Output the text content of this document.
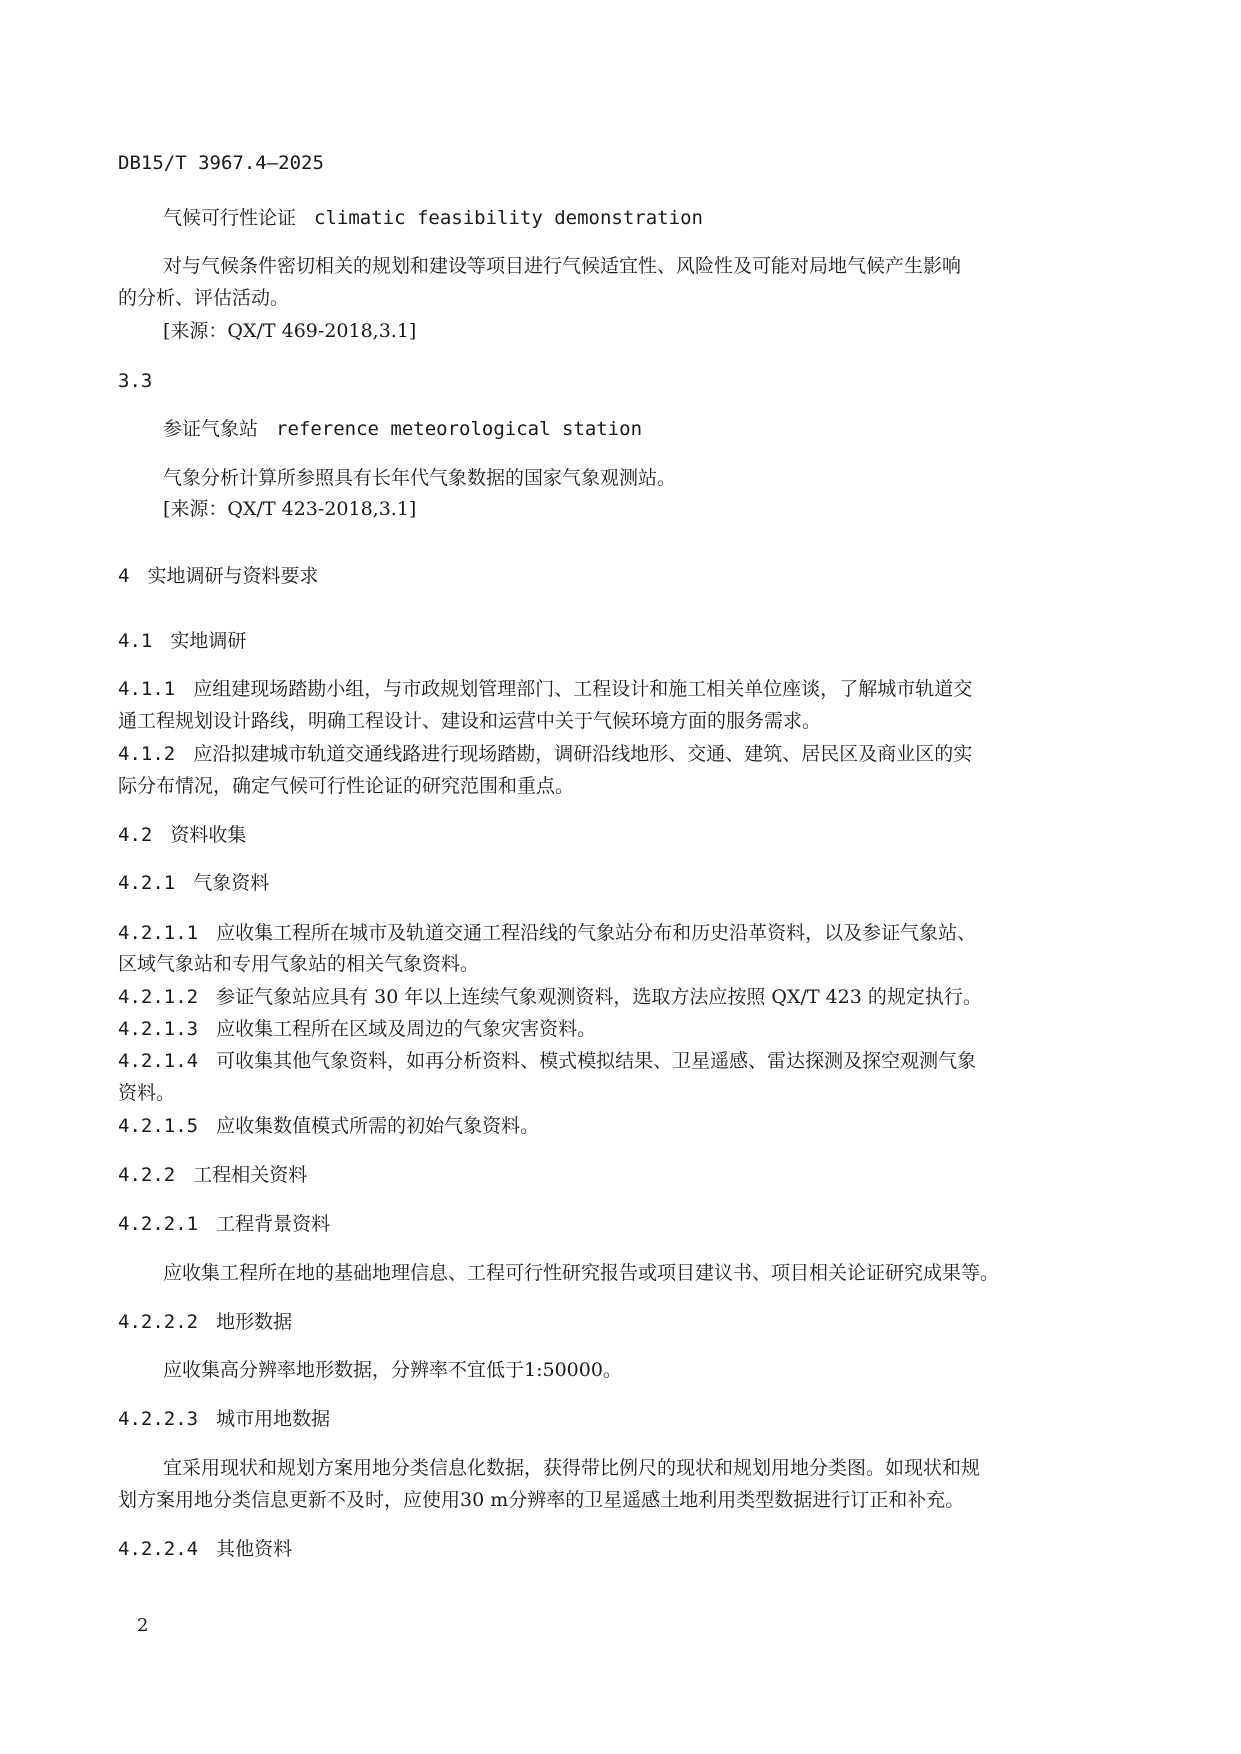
DB15/T 3967.4—2025
气候可行性论证 climatic feasibility demonstration
对与气候条件密切相关的规划和建设等项目进行气候适宜性、风险性及可能对局地气候产生影响
的分析、评估活动。
[来源：QX/T 469-2018,3.1]
3.3
参证气象站 reference meteorological station
气象分析计算所参照具有长年代气象数据的国家气象观测站。
[来源：QX/T 423-2018,3.1]
4 实地调研与资料要求
4.1 实地调研
4.1.1 应组建现场踏勘小组，与市政规划管理部门、工程设计和施工相关单位座谈，了解城市轨道交
通工程规划设计路线，明确工程设计、建设和运营中关于气候环境方面的服务需求。
4.1.2 应沿拟建城市轨道交通线路进行现场踏勘，调研沿线地形、交通、建筑、居民区及商业区的实
际分布情况，确定气候可行性论证的研究范围和重点。
4.2 资料收集
4.2.1 气象资料
4.2.1.1 应收集工程所在城市及轨道交通工程沿线的气象站分布和历史沿革资料，以及参证气象站、
区域气象站和专用气象站的相关气象资料。
4.2.1.2 参证气象站应具有 30 年以上连续气象观测资料，选取方法应按照 QX/T 423 的规定执行。
4.2.1.3 应收集工程所在区域及周边的气象灾害资料。
4.2.1.4 可收集其他气象资料，如再分析资料、模式模拟结果、卫星遥感、雷达探测及探空观测气象
资料。
4.2.1.5 应收集数值模式所需的初始气象资料。
4.2.2 工程相关资料
4.2.2.1 工程背景资料
应收集工程所在地的基础地理信息、工程可行性研究报告或项目建议书、项目相关论证研究成果等。
4.2.2.2 地形数据
应收集高分辨率地形数据，分辨率不宜低于1:50000。
4.2.2.3 城市用地数据
宜采用现状和规划方案用地分类信息化数据，获得带比例尺的现状和规划用地分类图。如现状和规
划方案用地分类信息更新不及时，应使用30 m分辨率的卫星遥感土地利用类型数据进行订正和补充。
4.2.2.4 其他资料
2
